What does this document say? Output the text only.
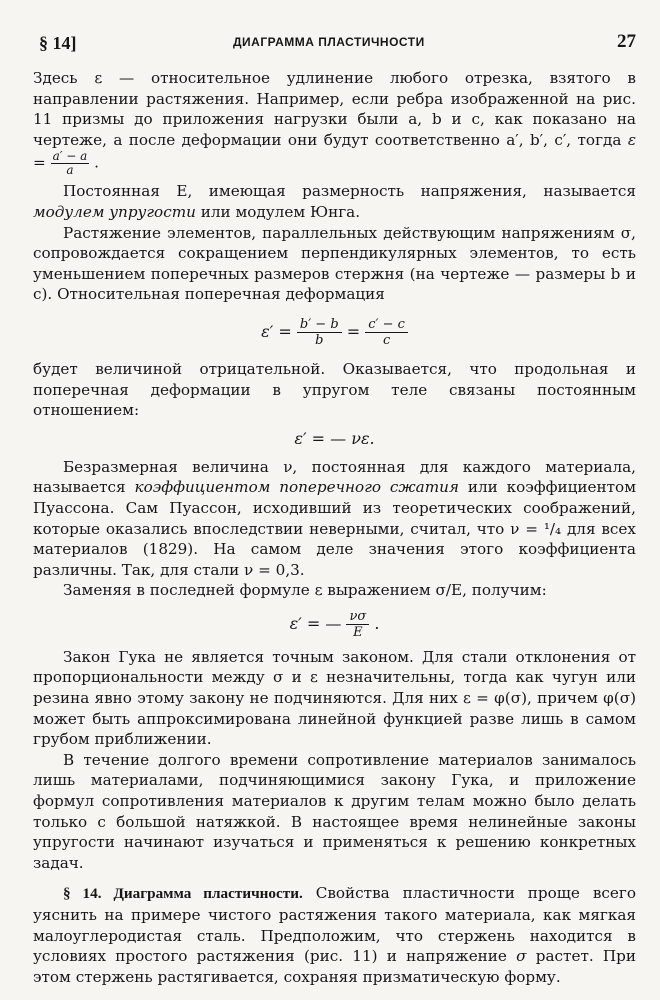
§ 14]	ДИАГРАММА ПЛАСТИЧНОСТИ	27

Здесь ε — относительное удлинение любого отрезка, взятого в направлении растяжения. Например, если ребра изображенной на рис. 11 призмы до приложения нагрузки были a, b и c, как показано на чертеже, а после деформации они будут соответственно a′, b′, c′, тогда $\varepsilon = \frac{a' - a}{a}$ .

Постоянная E, имеющая размерность напряжения, называется модулем упругости или модулем Юнга.

Растяжение элементов, параллельных действующим напряжениям σ, сопровождается сокращением перпендикулярных элементов, то есть уменьшением поперечных размеров стержня (на чертеже — размеры b и c). Относительная поперечная деформация

$\varepsilon' = \frac{b' - b}{b} = \frac{c' - c}{c}$

будет величиной отрицательной. Оказывается, что продольная и поперечная деформации в упругом теле связаны постоянным отношением:

ε′ = — νε.

Безразмерная величина ν, постоянная для каждого материала, называется коэффициентом поперечного сжатия или коэффициентом Пуассона. Сам Пуассон, исходивший из теоретических соображений, которые оказались впоследствии неверными, считал, что ν = ¹/₄ для всех материалов (1829). На самом деле значения этого коэффициента различны. Так, для стали ν = 0,3.

Заменяя в последней формуле ε выражением σ/E, получим:

ε′ = — $\frac{\nu\sigma}{E}$ .

Закон Гука не является точным законом. Для стали отклонения от пропорциональности между σ и ε незначительны, тогда как чугун или резина явно этому закону не подчиняются. Для них ε = φ(σ), причем φ(σ) может быть аппроксимирована линейной функцией разве лишь в самом грубом приближении.

В течение долгого времени сопротивление материалов занималось лишь материалами, подчиняющимися закону Гука, и приложение формул сопротивления материалов к другим телам можно было делать только с большой натяжкой. В настоящее время нелинейные законы упругости начинают изучаться и применяться к решению конкретных задач.

§ 14. Диаграмма пластичности. Свойства пластичности проще всего уяснить на примере чистого растяжения такого материала, как мягкая малоуглеродистая сталь. Предположим, что стержень находится в условиях простого растяжения (рис. 11) и напряжение σ растет. При этом стержень растягивается, сохраняя призматическую форму.
